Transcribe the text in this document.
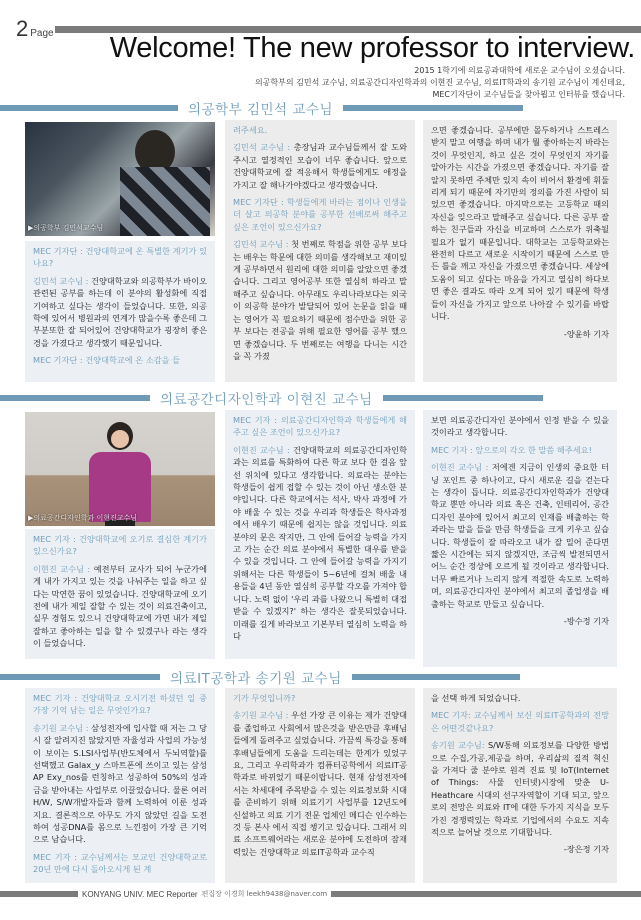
2 Page Welcome! The new professor to interview.
2015 1학기에 의료공과대학에 새로운 교수님이 오셨습니다.
의공학부의 김민석 교수님, 의료공간디자인학과의 이현진 교수님, 의료IT학과의 송기원 교수님이 계신데요,
MEC기자단이 교수님들을 찾아뵙고 인터뷰를 했습니다.
의공학부 김민석 교수님
▶의공학부 김민석교수님
MEC 기자단 : 건양대학교에 온 특별한 계기가 있나요?
김민석 교수님 : 건양대학교와 의공학부가 바이오 관련된 공부를 하는데 이 분야의 활성화에 직접 기여하고 싶다는 생각이 들었습니다. 또한, 의공학에 있어서 병원과의 연계가 많을수록 좋은데 그 부분또한 잘 되어있어 건양대학교가 굉장히 좋은 경을 가졌다고 생각했기 때문입니다.
MEC 기자단 : 건양대학교에 온 소감을 들
려주세요.
김민석 교수님 : 총장님과 교수님들께서 잘 도와주시고 열정적인 모습이 너무 좋습니다. 앞으로 건양대학교에 잘 적응해서 학생들에게도 애정을 가지고 잘 해나가야겠다고 생각했습니다.
MEC 기자단 : 학생들에게 바라는 점이나 인생을 더 살고 의공학 분야를 공부한 선배로써 해주고 싶은 조언이 있으신가요?
김민석 교수님 : 첫 번째로 학점을 위한 공부 보다는 배우는 학문에 대한 의미를 생각해보고 재미있게 공부하면서 원리에 대한 의미를 알았으면 좋겠습니다. 그리고 영어공부 또한 열심히 하라고 말해주고 싶습니다. 아무래도 우리나라보다는 외국이 의공학 분야가 발달되어 있어 논문을 읽을 때는 영어가 꼭 필요하기 때문에 점수만을 위한 공부 보다는 전공을 위해 필요한 영어를 공부 했으면 좋겠습니다. 두 번째로는 여행을 다니는 시간을 꼭 가졌
으면 좋겠습니다. 공부에만 몰두하거나 스트레스 받지 말고 여행을 하며 내가 뭘 좋아하는지 바라는 것이 무엇인지, 하고 싶은 것이 무엇인지 자기를 알아가는 시간을 가졌으면 좋겠습니다. 자기를 잘 알지 못하면 주체만 있지 속이 비어서 환경에 휘둘리게 되기 때문에 자기만의 정의를 가진 사람이 되었으면 좋겠습니다. 마지막으로는 고등학교 때의 자신을 잊으라고 말해주고 싶습니다. 다른 공부 잘하는 친구들과 자신을 비교하며 스스로가 위축될 필요가 없기 때문입니다. 대학교는 고등학교와는 완전히 다르고 새로운 시작이기 때문에 스스로 만든 틀을 깨고 자신을 가졌으면 좋겠습니다. 세상에 도움이 되고 싶다는 마음을 가지고 열심히 하다보면 좋은 결과도 따라 오게 되어 있기 때문에 학생들이 자신을 가지고 앞으로 나아갈 수 있기를 바랍니다.
-양윤하 기자
의료공간디자인학과 이현진 교수님
▶의료공간디자인학과 이현진교수님
MEC 기자 : 건양대학교에 오기로 결심한 계기가 있으신가요?
이현진 교수님 : 예전부터 교사가 되어 누군가에게 내가 가지고 있는 것을 나눠주는 일을 하고 싶다는 막연한 꿈이 있었습니다. 건양대학교에 오기 전에 내가 제일 잘할 수 있는 것이 의료건축이고, 실무 경험도 있으니 건양대학교에 가면 내가 제일 잘하고 좋아하는 일을 할 수 있겠구나 라는 생각이 들었습니다.
MEC 기자 : 의료공간디자인학과 학생들에게 해주고 싶은 조언이 있으신가요?
이현진 교수님 : 건양대학교의 의료공간디자인학과는 의료를 특화하여 다른 학교 보다 한 걸음 앞선 위치에 있다고 생각합니다. 의료라는 분야는 학생들이 쉽게 접할 수 있는 것이 아닌 생소한 분야입니다. 다른 학교에서는 석사, 박사 과정에 가야 배울 수 있는 것을 우리과 학생들은 학사과정에서 배우기 때문에 쉽지는 않을 것입니다. 의료 분야의 문은 작지만, 그 안에 들어갈 능력을 가지고 가는 순간 의료 분야에서 특별한 대우를 받을 수 있을 것입니다. 그 안에 들어갈 능력을 가지기 위해서는 다른 학생들이 5~6년에 걸쳐 배울 내용들을 4년 동안 열심히 공부할 각오를 가져야 합니다. 노력 없이 '우리 과를 나왔으니 특별히 대접받을 수 있겠지?' 하는 생각은 잘못되었습니다. 미래를 길게 바라보고 기본부터 열심히 노력을 하다
보면 의료공간디자인 분야에서 인정 받을 수 있을 것이라고 생각합니다.
MEC 기자 : 앞으로의 각오 한 말씀 해주세요!
이현진 교수님 : 저에겐 지금이 인생의 중요한 터닝 포인트 중 하나이고, 다시 새로운 길을 걷는다는 생각이 듭니다. 의료공간디자인학과가 건양대학교 뿐만 아니라 의료 혹은 건축, 인테리어, 공간디자인 분야에 있어서 최고의 인재를 배출하는 학과라는 말을 들을 만큼 학생들을 크게 키우고 싶습니다. 학생들이 잘 따라오고 내가 잘 밀어 준다면 짧은 시간에는 되지 않겠지만, 조금씩 발전되면서 어느 순간 정상에 오르게 될 것이라고 생각합니다. 너무 빠르거나 느리지 않게 적절한 속도로 노력하며, 의료공간디자인 분야에서 최고의 졸업생을 배출하는 학교로 만들고 싶습니다.
-방수정 기자
의료IT공학과 송기원 교수님
MEC 기자 : 건양대학교 오시기전 하셨던 일 중 가장 기억 남는 일은 무엇인가요?
송기원 교수님 : 삼성전자에 입사할 때 저는 그 당시 잘 알려지진 않았지만 자율성과 사업의 가능성이 보이는 S.LSI사업부(반도체에서 두뇌역할)를 선택했고 Galax_y 스마트폰에 쓰이고 있는 삼성 AP Exy_nos를 런칭하고 성공하여 50%의 성과금을 받아내는 사업부로 이끌었습니다. 물론 여러 H/W, S/W개발자들과 함께 노력하여 이룬 성과지요. 결론적으로 아무도 가지 않았던 길을 도전하여 성공DNA를 몸으로 느낀점이 가장 큰 기억으로 남습니다.
MEC 기자 : 교수님께서는 모교인 건양대학교로 20년 만에 다시 돌아오시게 된 계
기가 무엇입니까?
송기원 교수님 : 우선 가장 큰 이유는 제가 건양대를 졸업하고 사회에서 많은것을 받은만큼 후배님들에게 돌려주고 싶었습니다. 가끔씩 특강을 통해 후배님들에게 도움을 드리는데는 한계가 있었구요, 그리고 우리학과가 컴퓨터공학에서 의료IT공학과로 바뀌었기 때문이랍니다. 현재 삼성전자에서는 차세대에 주목받을 수 있는 의료정보화 시대를 준비하기 위해 의료기기 사업부를 12년도에 신설하고 의료 기기 전문 업체인 메디슨 인수하는 것 등 본사 에서 직접 챙기고 있습니다. 그래서 의료 소프트웨어라는 새로운 분야에 도전하며 잠재력있는 건양대학교 의료IT공학과 교수직
을 선택 하게 되었습니다.
MEC 기자: 교수님께서 보신 의료IT공학과의 전망은 어떤것같나요?
송기원 교수님: S/W통해 의료정보를 다양한 방법으로 수집,가공,제공을 하며, 우리삶의 질적 혁신을 가져다 줄 분야로 원격 진료 및 IoT(Internet of Things: 사물 인터넷)시장에 맞춘 U-Heathcare 시대의 선구자역할이 기대 되고, 앞으로의 전망은 의료와 IT에 대한 두가지 지식을 모두 가진 경쟁력있는 학과로 기업에서의 수요도 지속적으로 늘어날 것으로 기대합니다.
-장은정 기자
KONYANG UNIV. MEC Reporter 편집장 이경희 leekh9438@naver.com
